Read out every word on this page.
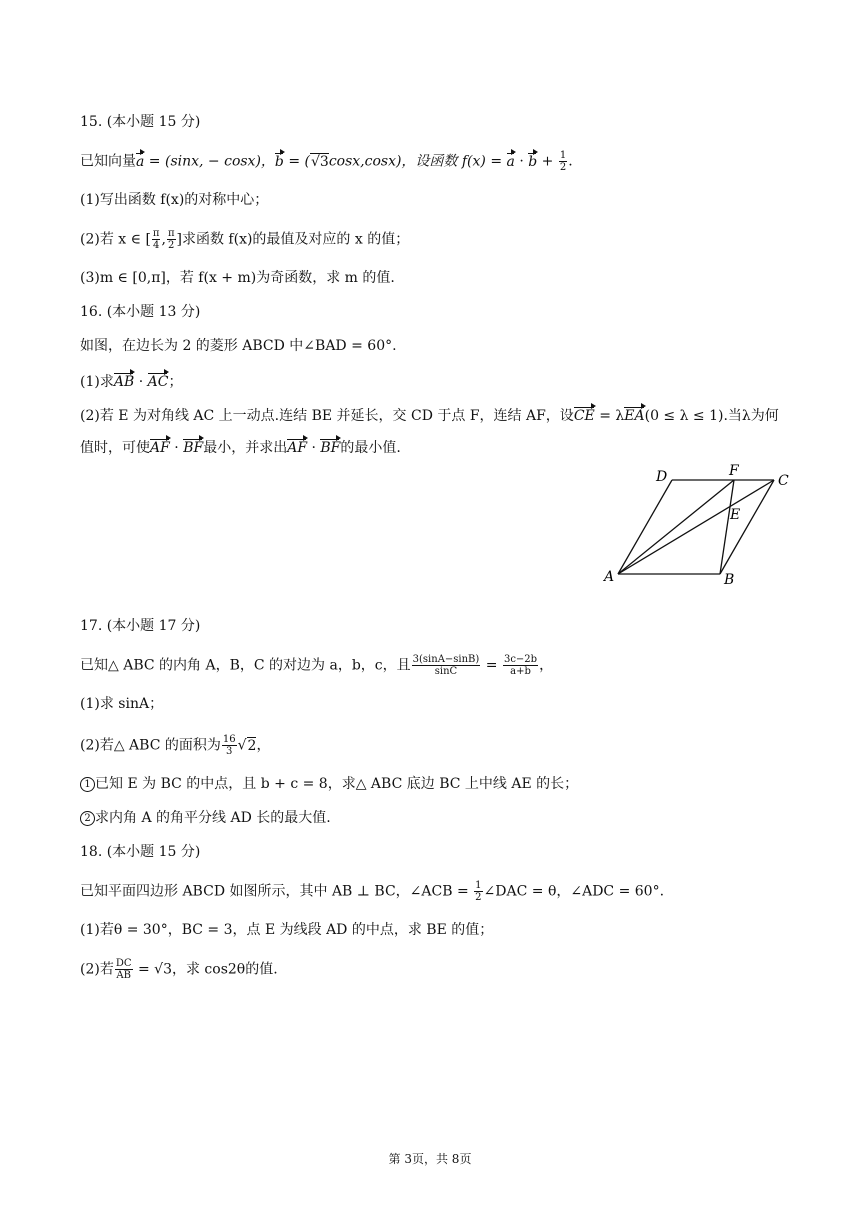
15. (本小题 15 分)
已知向量a = (sinx, − cosx)，b = (√3cosx,cosx)，设函数 $f(x) = a \cdot b + \frac{1}{2}$ .
(1)写出函数 f(x)的对称中心；
(2)若 x ∈ [ $\frac{\pi}{4}$ , $\frac{\pi}{2}$ ]求函数 f(x)的最值及对应的 x 的值；
(3)m ∈ [0,π]，若 f(x + m)为奇函数，求 m 的值.
16. (本小题 13 分)
如图，在边长为 2 的菱形 ABCD 中∠BAD = 60°.
(1)求AB · AC；
(2)若 E 为对角线 AC 上一动点.连结 BE 并延长，交 CD 于点 F，连结 AF，设CE = λEA(0 ≤ λ ≤ 1).当λ为何
值时，可使AF · BF最小，并求出AF · BF的最小值.
A	B
C
D
E
F
17. (本小题 17 分)
已知△ ABC 的内角 A，B，C 的对边为 a，b，c，且 $\frac{3(\sin A-\sin B)}{\sin C} = \frac{3c-2b}{a+b}$ ，
(1)求 sinA；
(2)若△ ABC 的面积为 $\frac{16}{3} √2$，
1 已知 E 为 BC 的中点，且 b + c = 8，求△ ABC 底边 BC 上中线 AE 的长；
2 求内角 A 的角平分线 AD 长的最大值.
18. (本小题 15 分)
已知平面四边形 ABCD 如图所示，其中 AB ⊥ BC，∠ACB = $\frac{1}{2}$ ∠DAC = θ，∠ADC = 60°.
(1)若θ = 30°，BC = 3，点 E 为线段 AD 的中点，求 BE 的值；
(2)若 $\frac{DC}{AB} = √3$，求 cos2θ的值.
第 3页，共 8页
